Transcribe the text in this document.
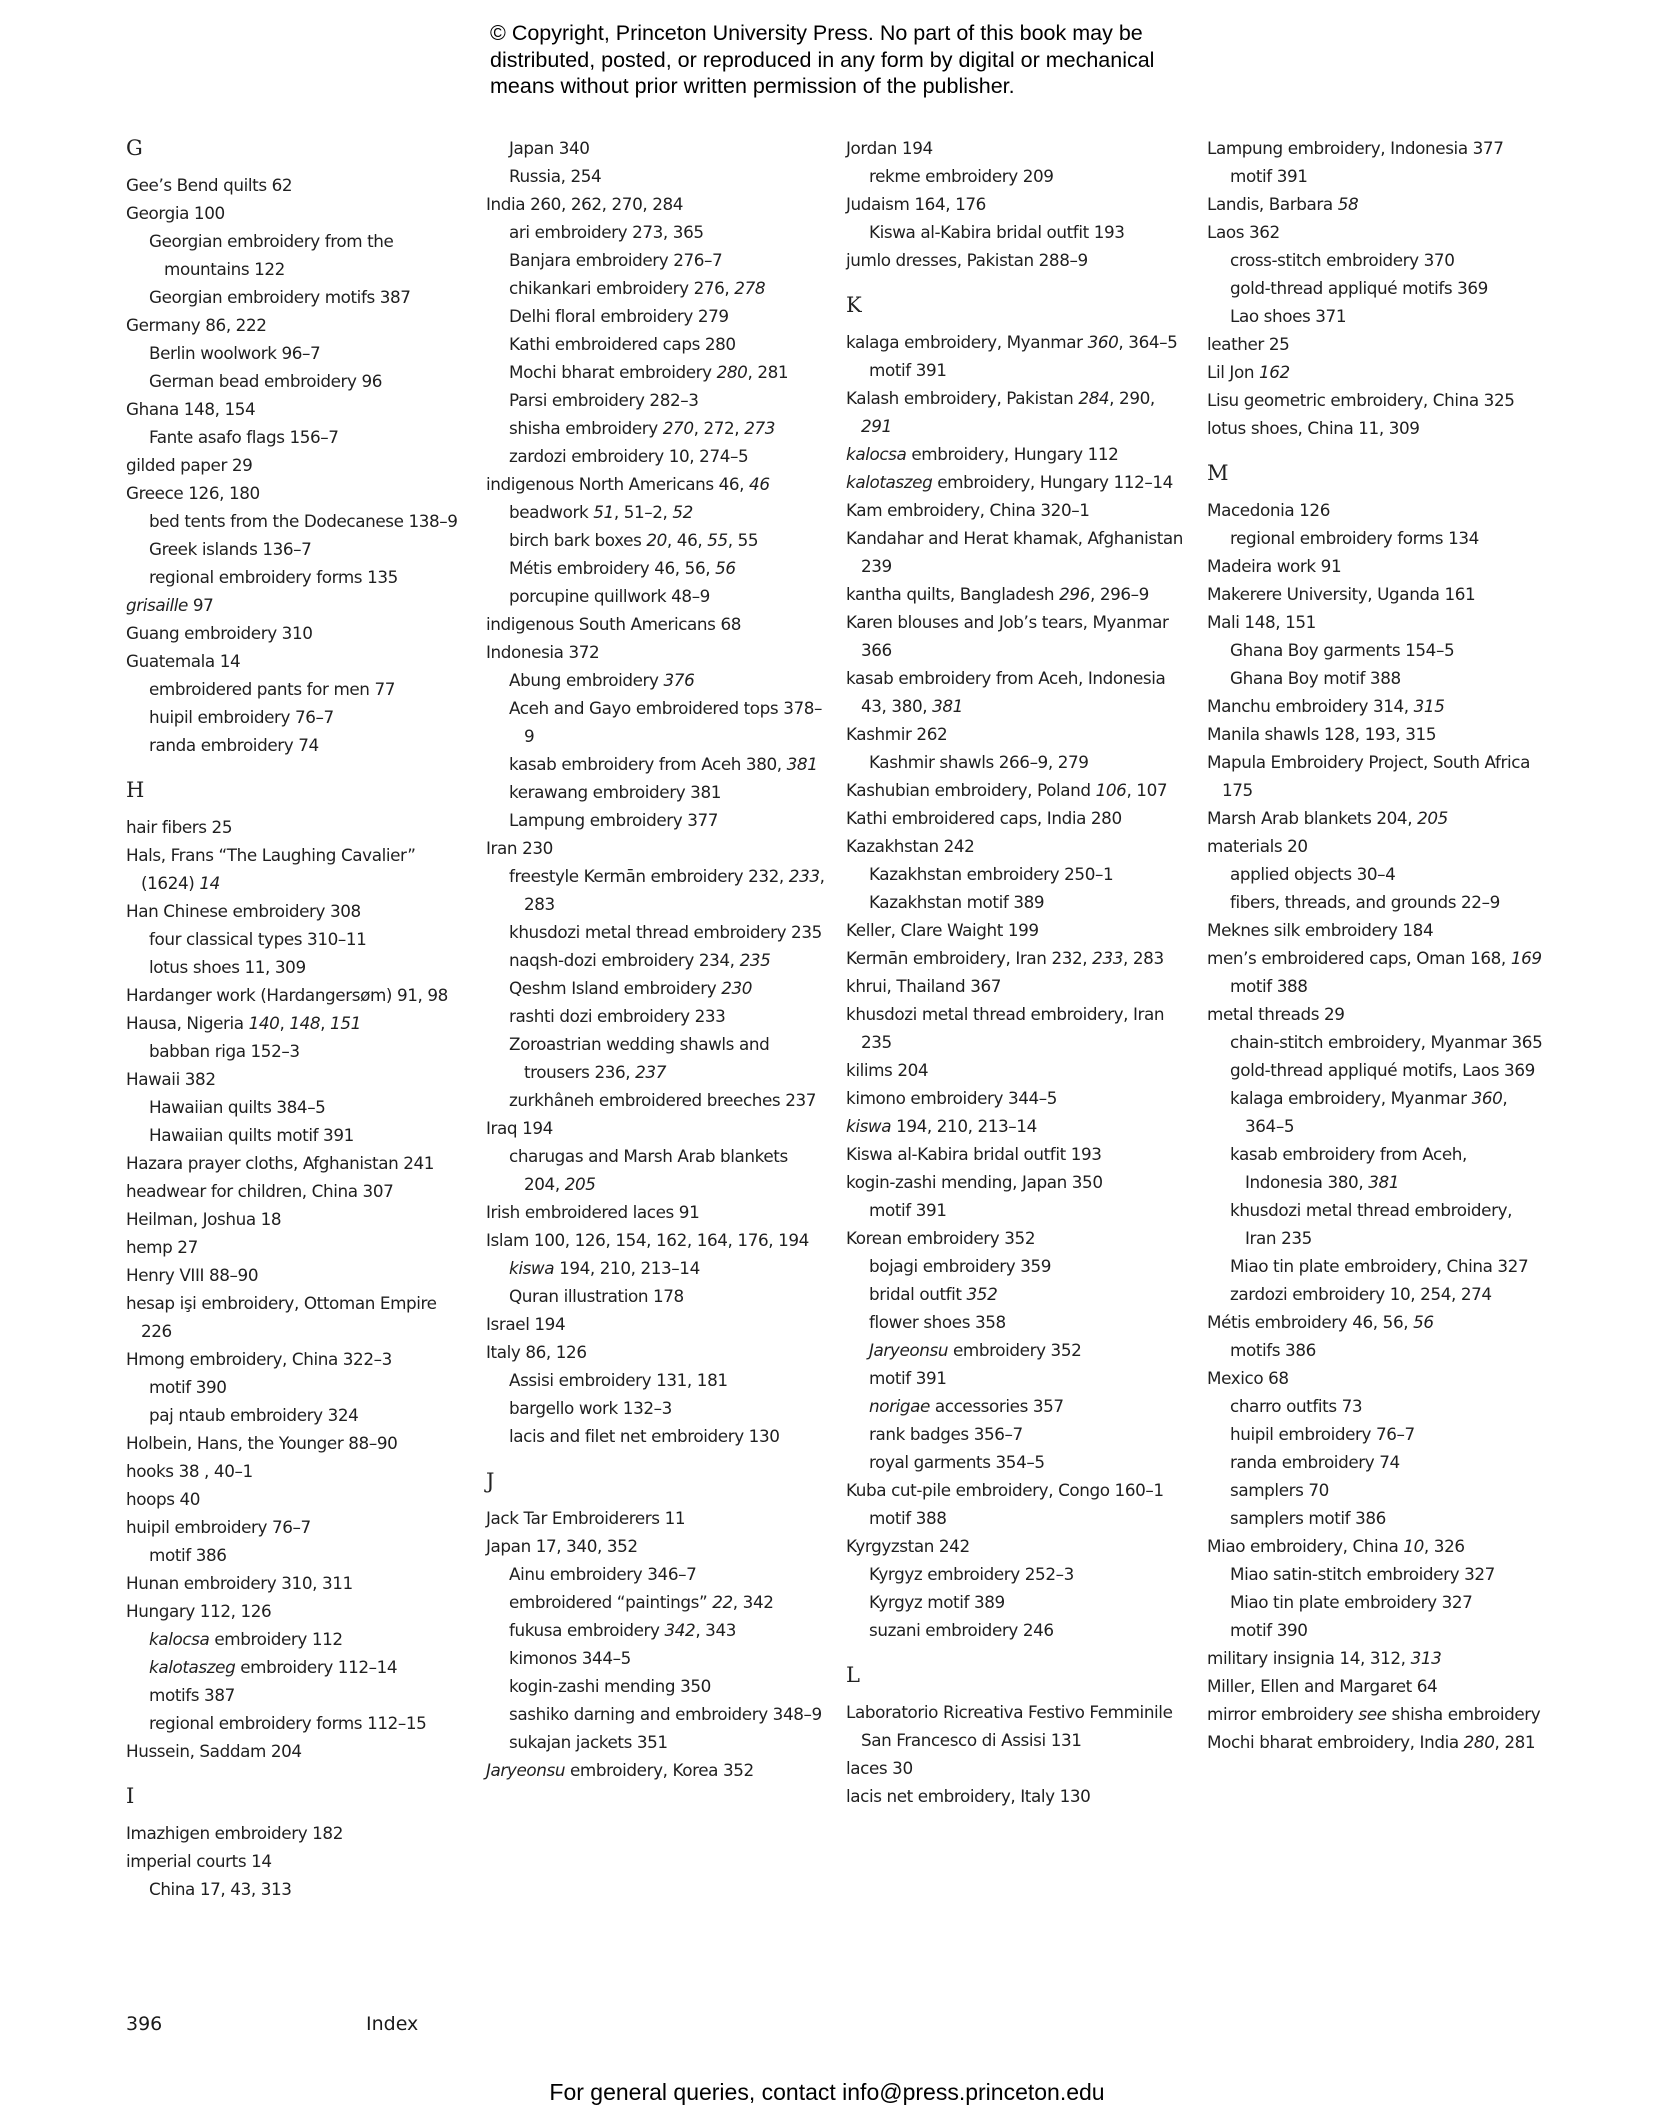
© Copyright, Princeton University Press. No part of this book may be
distributed, posted, or reproduced in any form by digital or mechanical
means without prior written permission of the publisher.
G
Gee’s Bend quilts 62
Georgia 100
Georgian embroidery from the mountains 122
Georgian embroidery motifs 387
Germany 86, 222
Berlin woolwork 96–7
German bead embroidery 96
Ghana 148, 154
Fante asafo flags 156–7
gilded paper 29
Greece 126, 180
bed tents from the Dodecanese 138–9
Greek islands 136–7
regional embroidery forms 135
grisaille 97
Guang embroidery 310
Guatemala 14
embroidered pants for men 77
huipil embroidery 76–7
randa embroidery 74
H
hair fibers 25
Hals, Frans “The Laughing Cavalier” (1624) 14
Han Chinese embroidery 308
four classical types 310–11
lotus shoes 11, 309
Hardanger work (Hardangersøm) 91, 98
Hausa, Nigeria 140, 148, 151
babban riga 152–3
Hawaii 382
Hawaiian quilts 384–5
Hawaiian quilts motif 391
Hazara prayer cloths, Afghanistan 241
headwear for children, China 307
Heilman, Joshua 18
hemp 27
Henry VIII 88–90
hesap işi embroidery, Ottoman Empire 226
Hmong embroidery, China 322–3
motif 390
paj ntaub embroidery 324
Holbein, Hans, the Younger 88–90
hooks 38 , 40–1
hoops 40
huipil embroidery 76–7
motif 386
Hunan embroidery 310, 311
Hungary 112, 126
kalocsa embroidery 112
kalotaszeg embroidery 112–14
motifs 387
regional embroidery forms 112–15
Hussein, Saddam 204
I
Imazhigen embroidery 182
imperial courts 14
China 17, 43, 313
Japan 340
Russia, 254
India 260, 262, 270, 284
ari embroidery 273, 365
Banjara embroidery 276–7
chikankari embroidery 276, 278
Delhi floral embroidery 279
Kathi embroidered caps 280
Mochi bharat embroidery 280, 281
Parsi embroidery 282–3
shisha embroidery 270, 272, 273
zardozi embroidery 10, 274–5
indigenous North Americans 46, 46
beadwork 51, 51–2, 52
birch bark boxes 20, 46, 55, 55
Métis embroidery 46, 56, 56
porcupine quillwork 48–9
indigenous South Americans 68
Indonesia 372
Abung embroidery 376
Aceh and Gayo embroidered tops 378–9
kasab embroidery from Aceh 380, 381
kerawang embroidery 381
Lampung embroidery 377
Iran 230
freestyle Kermān embroidery 232, 233, 283
khusdozi metal thread embroidery 235
naqsh-dozi embroidery 234, 235
Qeshm Island embroidery 230
rashti dozi embroidery 233
Zoroastrian wedding shawls and trousers 236, 237
zurkhâneh embroidered breeches 237
Iraq 194
charugas and Marsh Arab blankets 204, 205
Irish embroidered laces 91
Islam 100, 126, 154, 162, 164, 176, 194
kiswa 194, 210, 213–14
Quran illustration 178
Israel 194
Italy 86, 126
Assisi embroidery 131, 181
bargello work 132–3
lacis and filet net embroidery 130
J
Jack Tar Embroiderers 11
Japan 17, 340, 352
Ainu embroidery 346–7
embroidered “paintings” 22, 342
fukusa embroidery 342, 343
kimonos 344–5
kogin-zashi mending 350
sashiko darning and embroidery 348–9
sukajan jackets 351
Jaryeonsu embroidery, Korea 352
Jordan 194
rekme embroidery 209
Judaism 164, 176
Kiswa al-Kabira bridal outfit 193
jumlo dresses, Pakistan 288–9
K
kalaga embroidery, Myanmar 360, 364–5
motif 391
Kalash embroidery, Pakistan 284, 290, 291
kalocsa embroidery, Hungary 112
kalotaszeg embroidery, Hungary 112–14
Kam embroidery, China 320–1
Kandahar and Herat khamak, Afghanistan 239
kantha quilts, Bangladesh 296, 296–9
Karen blouses and Job’s tears, Myanmar 366
kasab embroidery from Aceh, Indonesia 43, 380, 381
Kashmir 262
Kashmir shawls 266–9, 279
Kashubian embroidery, Poland 106, 107
Kathi embroidered caps, India 280
Kazakhstan 242
Kazakhstan embroidery 250–1
Kazakhstan motif 389
Keller, Clare Waight 199
Kermān embroidery, Iran 232, 233, 283
khrui, Thailand 367
khusdozi metal thread embroidery, Iran 235
kilims 204
kimono embroidery 344–5
kiswa 194, 210, 213–14
Kiswa al-Kabira bridal outfit 193
kogin-zashi mending, Japan 350
motif 391
Korean embroidery 352
bojagi embroidery 359
bridal outfit 352
flower shoes 358
Jaryeonsu embroidery 352
motif 391
norigae accessories 357
rank badges 356–7
royal garments 354–5
Kuba cut-pile embroidery, Congo 160–1
motif 388
Kyrgyzstan 242
Kyrgyz embroidery 252–3
Kyrgyz motif 389
suzani embroidery 246
L
Laboratorio Ricreativa Festivo Femminile San Francesco di Assisi 131
laces 30
lacis net embroidery, Italy 130
Lampung embroidery, Indonesia 377
motif 391
Landis, Barbara 58
Laos 362
cross-stitch embroidery 370
gold-thread appliqué motifs 369
Lao shoes 371
leather 25
Lil Jon 162
Lisu geometric embroidery, China 325
lotus shoes, China 11, 309
M
Macedonia 126
regional embroidery forms 134
Madeira work 91
Makerere University, Uganda 161
Mali 148, 151
Ghana Boy garments 154–5
Ghana Boy motif 388
Manchu embroidery 314, 315
Manila shawls 128, 193, 315
Mapula Embroidery Project, South Africa 175
Marsh Arab blankets 204, 205
materials 20
applied objects 30–4
fibers, threads, and grounds 22–9
Meknes silk embroidery 184
men’s embroidered caps, Oman 168, 169
motif 388
metal threads 29
chain-stitch embroidery, Myanmar 365
gold-thread appliqué motifs, Laos 369
kalaga embroidery, Myanmar 360, 364–5
kasab embroidery from Aceh, Indonesia 380, 381
khusdozi metal thread embroidery, Iran 235
Miao tin plate embroidery, China 327
zardozi embroidery 10, 254, 274
Métis embroidery 46, 56, 56
motifs 386
Mexico 68
charro outfits 73
huipil embroidery 76–7
randa embroidery 74
samplers 70
samplers motif 386
Miao embroidery, China 10, 326
Miao satin-stitch embroidery 327
Miao tin plate embroidery 327
motif 390
military insignia 14, 312, 313
Miller, Ellen and Margaret 64
mirror embroidery see shisha embroidery
Mochi bharat embroidery, India 280, 281
396	Index
For general queries, contact info@press.princeton.edu
